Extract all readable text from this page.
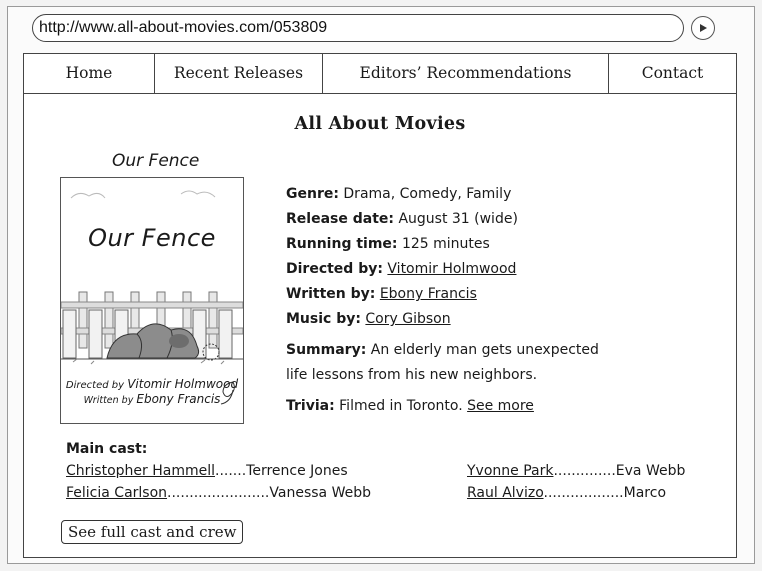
http://www.all-about-movies.com/053809
Home	Recent Releases	Editors’ Recommendations	Contact
All About Movies
Our Fence
Our Fence
Directed by Vitomir Holmwood
Written by Ebony Francis
Genre: Drama, Comedy, Family
Release date: August 31 (wide)
Running time: 125 minutes
Directed by: Vitomir Holmwood
Written by: Ebony Francis
Music by: Cory Gibson
Summary: An elderly man gets unexpected
life lessons from his new neighbors.
Trivia: Filmed in Toronto. See more
Main cast:
Christopher Hammell.......Terrence Jones
Felicia Carlson.......................Vanessa Webb
Yvonne Park..............Eva Webb
Raul Alvizo..................Marco
See full cast and crew
